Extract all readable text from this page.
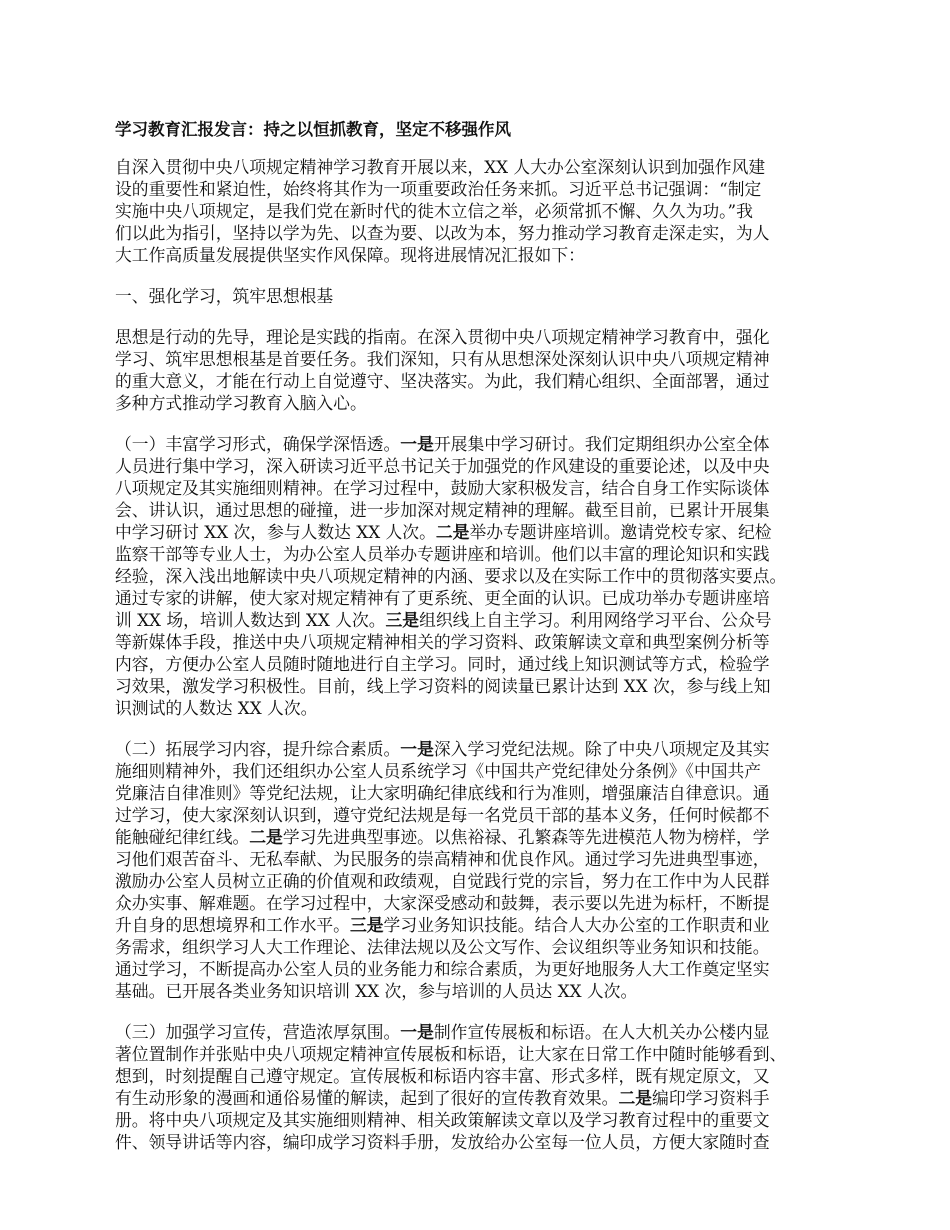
学习教育汇报发言：持之以恒抓教育，坚定不移强作风
自深入贯彻中央八项规定精神学习教育开展以来，XX 人大办公室深刻认识到加强作风建
设的重要性和紧迫性，始终将其作为一项重要政治任务来抓。习近平总书记强调：“制定
实施中央八项规定，是我们党在新时代的徙木立信之举，必须常抓不懈、久久为功。”我
们以此为指引，坚持以学为先、以查为要、以改为本，努力推动学习教育走深走实，为人
大工作高质量发展提供坚实作风保障。现将进展情况汇报如下：
一、强化学习，筑牢思想根基
思想是行动的先导，理论是实践的指南。在深入贯彻中央八项规定精神学习教育中，强化
学习、筑牢思想根基是首要任务。我们深知，只有从思想深处深刻认识中央八项规定精神
的重大意义，才能在行动上自觉遵守、坚决落实。为此，我们精心组织、全面部署，通过
多种方式推动学习教育入脑入心。
（一）丰富学习形式，确保学深悟透。一是开展集中学习研讨。我们定期组织办公室全体
人员进行集中学习，深入研读习近平总书记关于加强党的作风建设的重要论述，以及中央
八项规定及其实施细则精神。在学习过程中，鼓励大家积极发言，结合自身工作实际谈体
会、讲认识，通过思想的碰撞，进一步加深对规定精神的理解。截至目前，已累计开展集
中学习研讨 XX 次，参与人数达 XX 人次。二是举办专题讲座培训。邀请党校专家、纪检
监察干部等专业人士，为办公室人员举办专题讲座和培训。他们以丰富的理论知识和实践
经验，深入浅出地解读中央八项规定精神的内涵、要求以及在实际工作中的贯彻落实要点。
通过专家的讲解，使大家对规定精神有了更系统、更全面的认识。已成功举办专题讲座培
训 XX 场，培训人数达到 XX 人次。三是组织线上自主学习。利用网络学习平台、公众号
等新媒体手段，推送中央八项规定精神相关的学习资料、政策解读文章和典型案例分析等
内容，方便办公室人员随时随地进行自主学习。同时，通过线上知识测试等方式，检验学
习效果，激发学习积极性。目前，线上学习资料的阅读量已累计达到 XX 次，参与线上知
识测试的人数达 XX 人次。
（二）拓展学习内容，提升综合素质。一是深入学习党纪法规。除了中央八项规定及其实
施细则精神外，我们还组织办公室人员系统学习《中国共产党纪律处分条例》《中国共产
党廉洁自律准则》等党纪法规，让大家明确纪律底线和行为准则，增强廉洁自律意识。通
过学习，使大家深刻认识到，遵守党纪法规是每一名党员干部的基本义务，任何时候都不
能触碰纪律红线。二是学习先进典型事迹。以焦裕禄、孔繁森等先进模范人物为榜样，学
习他们艰苦奋斗、无私奉献、为民服务的崇高精神和优良作风。通过学习先进典型事迹，
激励办公室人员树立正确的价值观和政绩观，自觉践行党的宗旨，努力在工作中为人民群
众办实事、解难题。在学习过程中，大家深受感动和鼓舞，表示要以先进为标杆，不断提
升自身的思想境界和工作水平。三是学习业务知识技能。结合人大办公室的工作职责和业
务需求，组织学习人大工作理论、法律法规以及公文写作、会议组织等业务知识和技能。
通过学习，不断提高办公室人员的业务能力和综合素质，为更好地服务人大工作奠定坚实
基础。已开展各类业务知识培训 XX 次，参与培训的人员达 XX 人次。
（三）加强学习宣传，营造浓厚氛围。一是制作宣传展板和标语。在人大机关办公楼内显
著位置制作并张贴中央八项规定精神宣传展板和标语，让大家在日常工作中随时能够看到、
想到，时刻提醒自己遵守规定。宣传展板和标语内容丰富、形式多样，既有规定原文，又
有生动形象的漫画和通俗易懂的解读，起到了很好的宣传教育效果。二是编印学习资料手
册。将中央八项规定及其实施细则精神、相关政策解读文章以及学习教育过程中的重要文
件、领导讲话等内容，编印成学习资料手册，发放给办公室每一位人员，方便大家随时查
